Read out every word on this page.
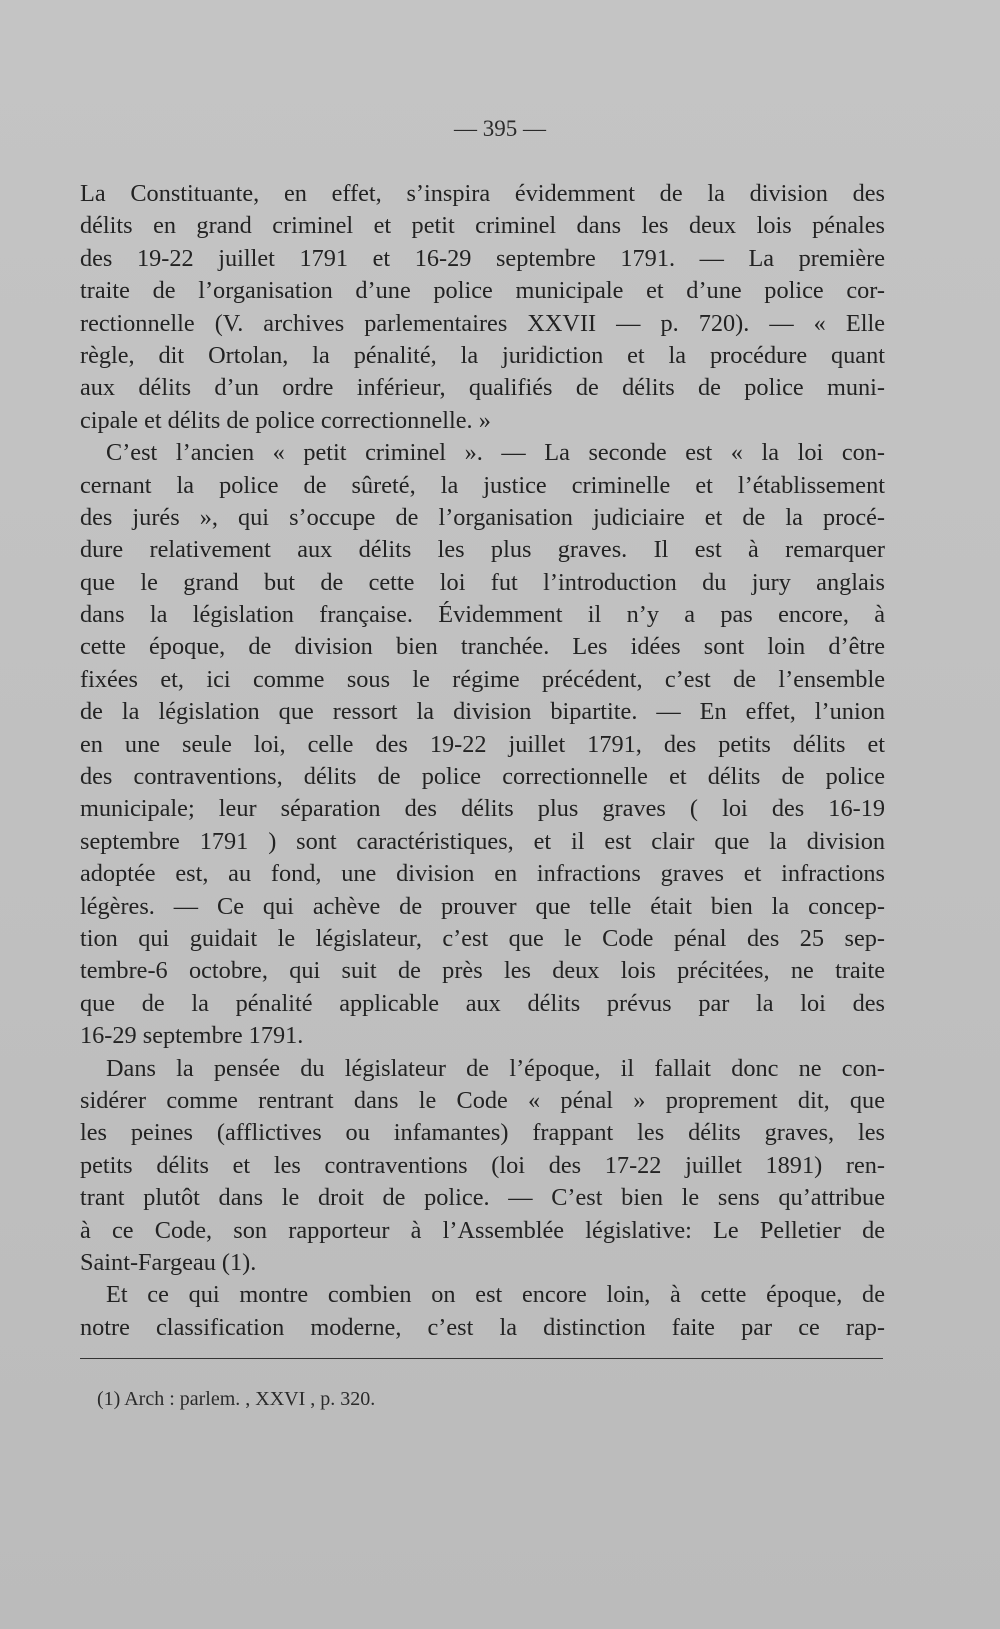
— 395 —
La Constituante, en effet, s’inspira évidemment de la division des
délits en grand criminel et petit criminel dans les deux lois pénales
des 19-22 juillet 1791 et 16-29 septembre 1791. — La première
traite de l’organisation d’une police municipale et d’une police cor-
rectionnelle (V. archives parlementaires XXVII — p. 720). — « Elle
règle, dit Ortolan, la pénalité, la juridiction et la procédure quant
aux délits d’un ordre inférieur, qualifiés de délits de police muni-
cipale et délits de police correctionnelle. »
C’est l’ancien « petit criminel ». — La seconde est « la loi con-
cernant la police de sûreté, la justice criminelle et l’établissement
des jurés », qui s’occupe de l’organisation judiciaire et de la procé-
dure relativement aux délits les plus graves. Il est à remarquer
que le grand but de cette loi fut l’introduction du jury anglais
dans la législation française. Évidemment il n’y a pas encore, à
cette époque, de division bien tranchée. Les idées sont loin d’être
fixées et, ici comme sous le régime précédent, c’est de l’ensemble
de la législation que ressort la division bipartite. — En effet, l’union
en une seule loi, celle des 19-22 juillet 1791, des petits délits et
des contraventions, délits de police correctionnelle et délits de police
municipale; leur séparation des délits plus graves ( loi des 16-19
septembre 1791 ) sont caractéristiques, et il est clair que la division
adoptée est, au fond, une division en infractions graves et infractions
légères. — Ce qui achève de prouver que telle était bien la concep-
tion qui guidait le législateur, c’est que le Code pénal des 25 sep-
tembre-6 octobre, qui suit de près les deux lois précitées, ne traite
que de la pénalité applicable aux délits prévus par la loi des
16-29 septembre 1791.
Dans la pensée du législateur de l’époque, il fallait donc ne con-
sidérer comme rentrant dans le Code « pénal » proprement dit, que
les peines (afflictives ou infamantes) frappant les délits graves, les
petits délits et les contraventions (loi des 17-22 juillet 1891) ren-
trant plutôt dans le droit de police. — C’est bien le sens qu’attribue
à ce Code, son rapporteur à l’Assemblée législative: Le Pelletier de
Saint-Fargeau (1).
Et ce qui montre combien on est encore loin, à cette époque, de
notre classification moderne, c’est la distinction faite par ce rap-
(1) Arch : parlem. , XXVI , p. 320.
